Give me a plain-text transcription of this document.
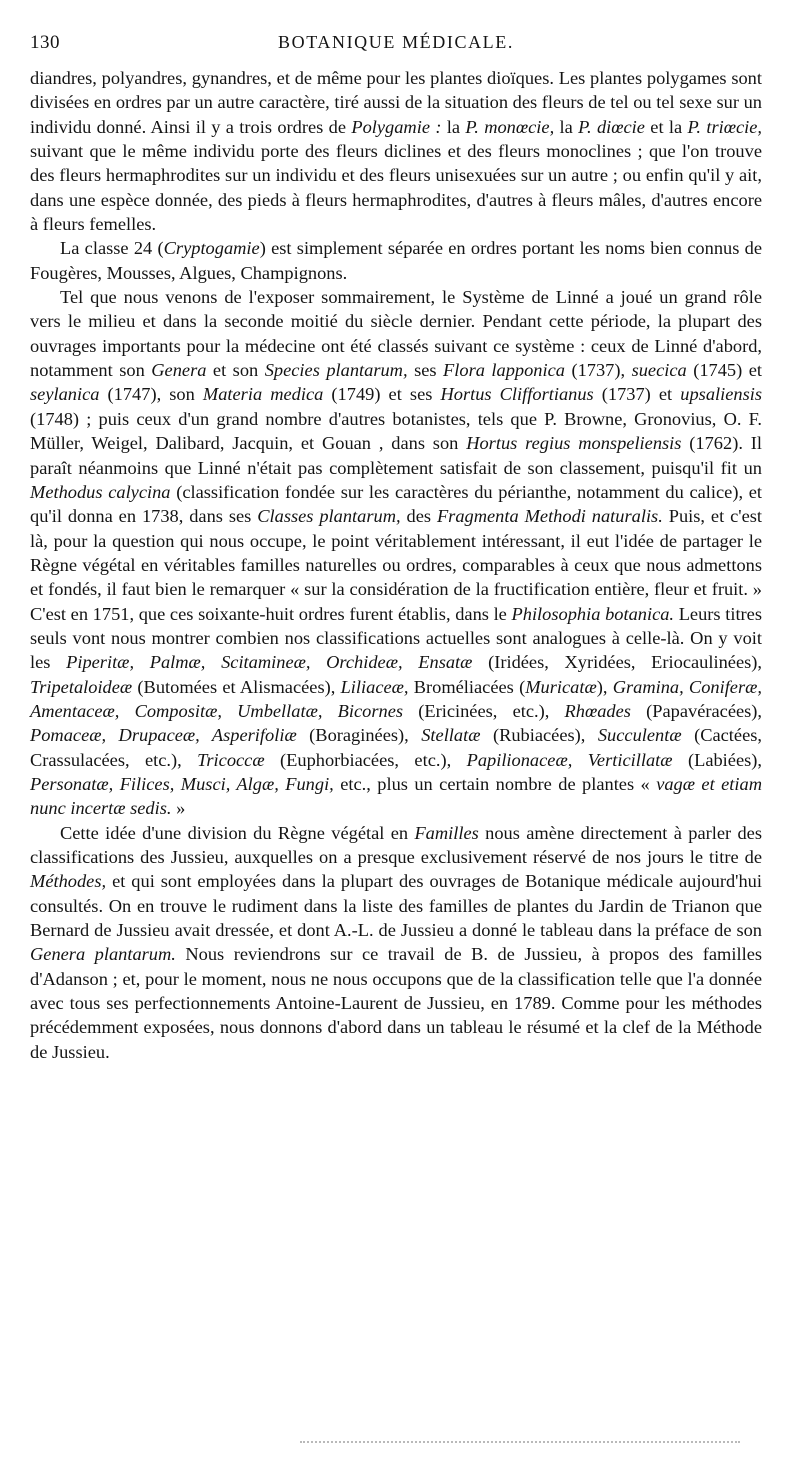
130	BOTANIQUE MÉDICALE.

diandres, polyandres, gynandres, et de même pour les plantes dioïques. Les plantes polygames sont divisées en ordres par un autre caractère, tiré aussi de la situation des fleurs de tel ou tel sexe sur un individu donné. Ainsi il y a trois ordres de Polygamie : la P. monœcie, la P. diœcie et la P. triœcie, suivant que le même individu porte des fleurs diclines et des fleurs monoclines ; que l'on trouve des fleurs hermaphrodites sur un individu et des fleurs unisexuées sur un autre ; ou enfin qu'il y ait, dans une espèce donnée, des pieds à fleurs hermaphrodites, d'autres à fleurs mâles, d'autres encore à fleurs femelles.

La classe 24 (Cryptogamie) est simplement séparée en ordres portant les noms bien connus de Fougères, Mousses, Algues, Champignons.

Tel que nous venons de l'exposer sommairement, le Système de Linné a joué un grand rôle vers le milieu et dans la seconde moitié du siècle dernier. Pendant cette période, la plupart des ouvrages importants pour la médecine ont été classés suivant ce système : ceux de Linné d'abord, notamment son Genera et son Species plantarum, ses Flora lapponica (1737), suecica (1745) et seylanica (1747), son Materia medica (1749) et ses Hortus Cliffortianus (1737) et upsaliensis (1748) ; puis ceux d'un grand nombre d'autres botanistes, tels que P. Browne, Gronovius, O. F. Müller, Weigel, Dalibard, Jacquin, et Gouan , dans son Hortus regius monspeliensis (1762). Il paraît néanmoins que Linné n'était pas complètement satisfait de son classement, puisqu'il fit un Methodus calycina (classification fondée sur les caractères du périanthe, notamment du calice), et qu'il donna en 1738, dans ses Classes plantarum, des Fragmenta Methodi naturalis. Puis, et c'est là, pour la question qui nous occupe, le point véritablement intéressant, il eut l'idée de partager le Règne végétal en véritables familles naturelles ou ordres, comparables à ceux que nous admettons et fondés, il faut bien le remarquer « sur la considération de la fructification entière, fleur et fruit. » C'est en 1751, que ces soixante-huit ordres furent établis, dans le Philosophia botanica. Leurs titres seuls vont nous montrer combien nos classifications actuelles sont analogues à celle-là. On y voit les Piperitæ, Palmæ, Scitamineæ, Orchideæ, Ensatæ (Iridées, Xyridées, Eriocaulinées), Tripetaloideæ (Butomées et Alismacées), Liliaceæ, Broméliacées (Muricatæ), Gramina, Coniferæ, Amentaceæ, Compositæ, Umbellatæ, Bicornes (Ericinées, etc.), Rhœades (Papavéracées), Pomaceæ, Drupaceæ, Asperifoliæ (Boraginées), Stellatæ (Rubiacées), Succulentæ (Cactées, Crassulacées, etc.), Tricoccæ (Euphorbiacées, etc.), Papilionaceæ, Verticillatæ (Labiées), Personatæ, Filices, Musci, Algæ, Fungi, etc., plus un certain nombre de plantes « vagæ et etiam nunc incertæ sedis. »

Cette idée d'une division du Règne végétal en Familles nous amène directement à parler des classifications des Jussieu, auxquelles on a presque exclusivement réservé de nos jours le titre de Méthodes, et qui sont employées dans la plupart des ouvrages de Botanique médicale aujourd'hui consultés. On en trouve le rudiment dans la liste des familles de plantes du Jardin de Trianon que Bernard de Jussieu avait dressée, et dont A.-L. de Jussieu a donné le tableau dans la préface de son Genera plantarum. Nous reviendrons sur ce travail de B. de Jussieu, à propos des familles d'Adanson ; et, pour le moment, nous ne nous occupons que de la classification telle que l'a donnée avec tous ses perfectionnements Antoine-Laurent de Jussieu, en 1789. Comme pour les méthodes précédemment exposées, nous donnons d'abord dans un tableau le résumé et la clef de la Méthode de Jussieu.
